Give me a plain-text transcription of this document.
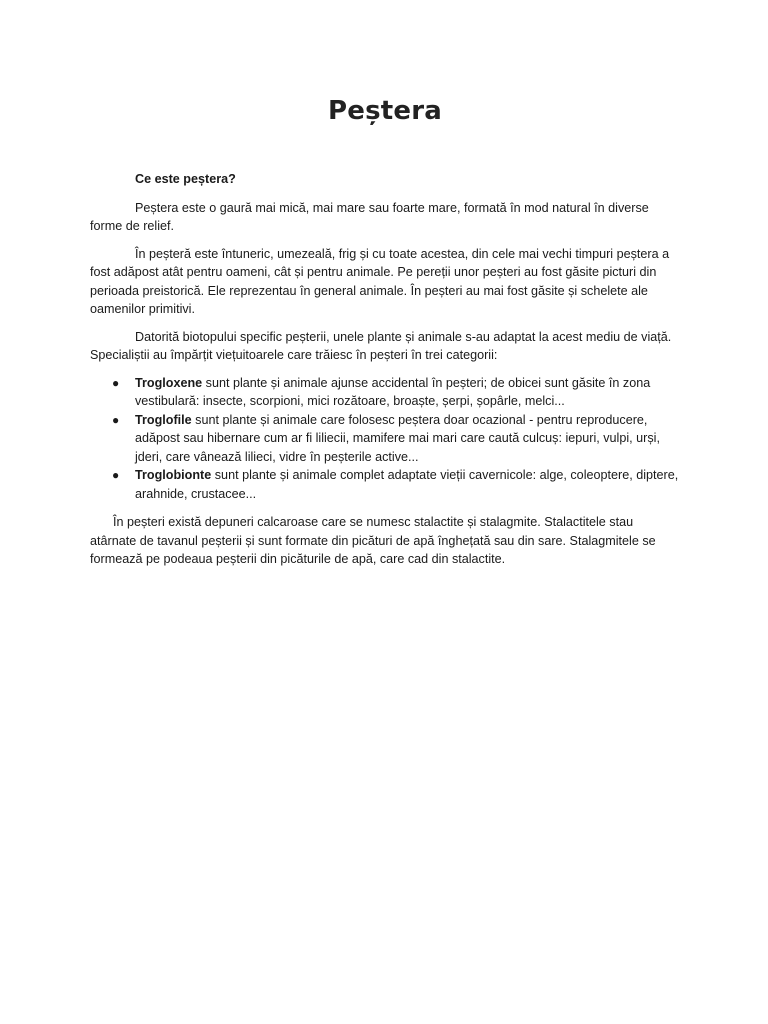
Peștera

Ce este peștera?

Peștera este o gaură mai mică, mai mare sau foarte mare, formată în mod natural în diverse forme de relief.

În peșteră este întuneric, umezeală, frig și cu toate acestea, din cele mai vechi timpuri peștera a fost adăpost atât pentru oameni, cât și pentru animale. Pe pereții unor peșteri au fost găsite picturi din perioada preistorică. Ele reprezentau în general animale. În peșteri au mai fost găsite și schelete ale oamenilor primitivi.

Datorită biotopului specific peșterii, unele plante și animale s-au adaptat la acest mediu de viață. Specialiștii au împărțit viețuitoarele care trăiesc în peșteri în trei categorii:

● Trogloxene sunt plante și animale ajunse accidental în peșteri; de obicei sunt găsite în zona vestibulară: insecte, scorpioni, mici rozătoare, broaște, șerpi, șopârle, melci...
● Troglofile sunt plante și animale care folosesc peștera doar ocazional - pentru reproducere, adăpost sau hibernare cum ar fi liliecii, mamifere mai mari care caută culcuș: iepuri, vulpi, urși, jderi, care vânează lilieci, vidre în peșterile active...
● Troglobionte sunt plante și animale complet adaptate vieții cavernicole: alge, coleoptere, diptere, arahnide, crustacee...

În peșteri există depuneri calcaroase care se numesc stalactite și stalagmite. Stalactitele stau atârnate de tavanul peșterii și sunt formate din picături de apă înghețată sau din sare. Stalagmitele se formează pe podeaua peșterii din picăturile de apă, care cad din stalactite.
